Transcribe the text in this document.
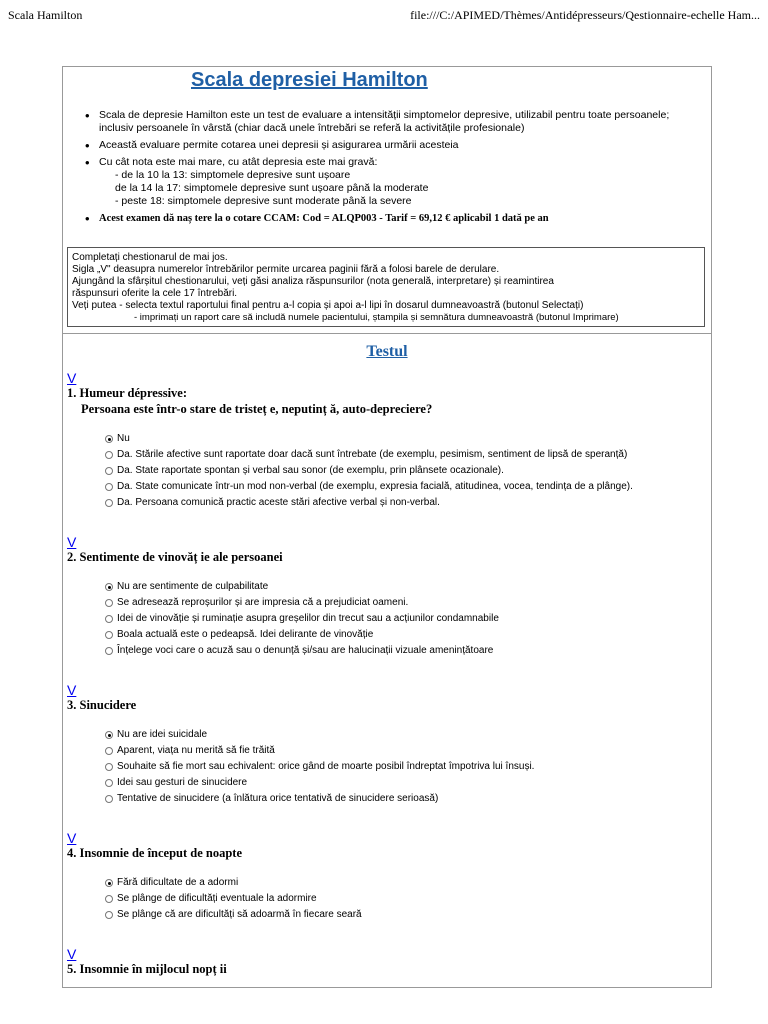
Scala Hamilton	file:///C:/APIMED/Thèmes/Antidépresseurs/Qestionnaire-echelle Ham...
Scala depresiei Hamilton
• Scala de depresie Hamilton este un test de evaluare a intensității simptomelor depresive, utilizabil pentru toate persoanele; inclusiv persoanele în vârstă (chiar dacă unele întrebări se referă la activitățile profesionale)
• Această evaluare permite cotarea unei depresii și asigurarea urmării acesteia
• Cu cât nota este mai mare, cu atât depresia este mai gravă:
- de la 10 la 13: simptomele depresive sunt ușoare
de la 14 la 17: simptomele depresive sunt ușoare până la moderate
- peste 18: simptomele depresive sunt moderate până la severe
• Acest examen dă naș tere la o cotare CCAM: Cod = ALQP003 - Tarif = 69,12 € aplicabil 1 dată pe an
Completați chestionarul de mai jos.
Sigla „V" deasupra numerelor întrebărilor permite urcarea paginii fără a folosi barele de derulare.
Ajungând la sfârșitul chestionarului, veți găsi analiza răspunsurilor (nota generală, interpretare) și reamintirea
răspunsuri oferite la cele 17 întrebări.
Veți putea - selecta textul raportului final pentru a-l copia și apoi a-l lipi în dosarul dumneavoastră (butonul Selectați)
- imprimați un raport care să includă numele pacientului, ștampila și semnătura dumneavoastră (butonul Imprimare)
Testul
V
1. Humeur dépressive:
Persoana este într-o stare de tristeț e, neputinț ă, auto-depreciere?
Nu
Da. Stările afective sunt raportate doar dacă sunt întrebate (de exemplu, pesimism, sentiment de lipsă de speranță)
Da. State raportate spontan și verbal sau sonor (de exemplu, prin plânsete ocazionale).
Da. State comunicate într-un mod non-verbal (de exemplu, expresia facială, atitudinea, vocea, tendința de a plânge).
Da. Persoana comunică practic aceste stări afective verbal și non-verbal.
V
2. Sentimente de vinovăț ie ale persoanei
Nu are sentimente de culpabilitate
Se adresează reproșurilor și are impresia că a prejudiciat oameni.
Idei de vinovăție și ruminație asupra greșelilor din trecut sau a acțiunilor condamnabile
Boala actuală este o pedeapsă. Idei delirante de vinovăție
Înțelege voci care o acuză sau o denunță și/sau are halucinații vizuale amenințătoare
V
3. Sinucidere
Nu are idei suicidale
Aparent, viața nu merită să fie trăită
Souhaite să fie mort sau echivalent: orice gând de moarte posibil îndreptat împotriva lui însuși.
Idei sau gesturi de sinucidere
Tentative de sinucidere (a înlătura orice tentativă de sinucidere serioasă)
V
4. Insomnie de început de noapte
Fără dificultate de a adormi
Se plânge de dificultăți eventuale la adormire
Se plânge că are dificultăți să adoarmă în fiecare seară
V
5. Insomnie în mijlocul nopț ii
